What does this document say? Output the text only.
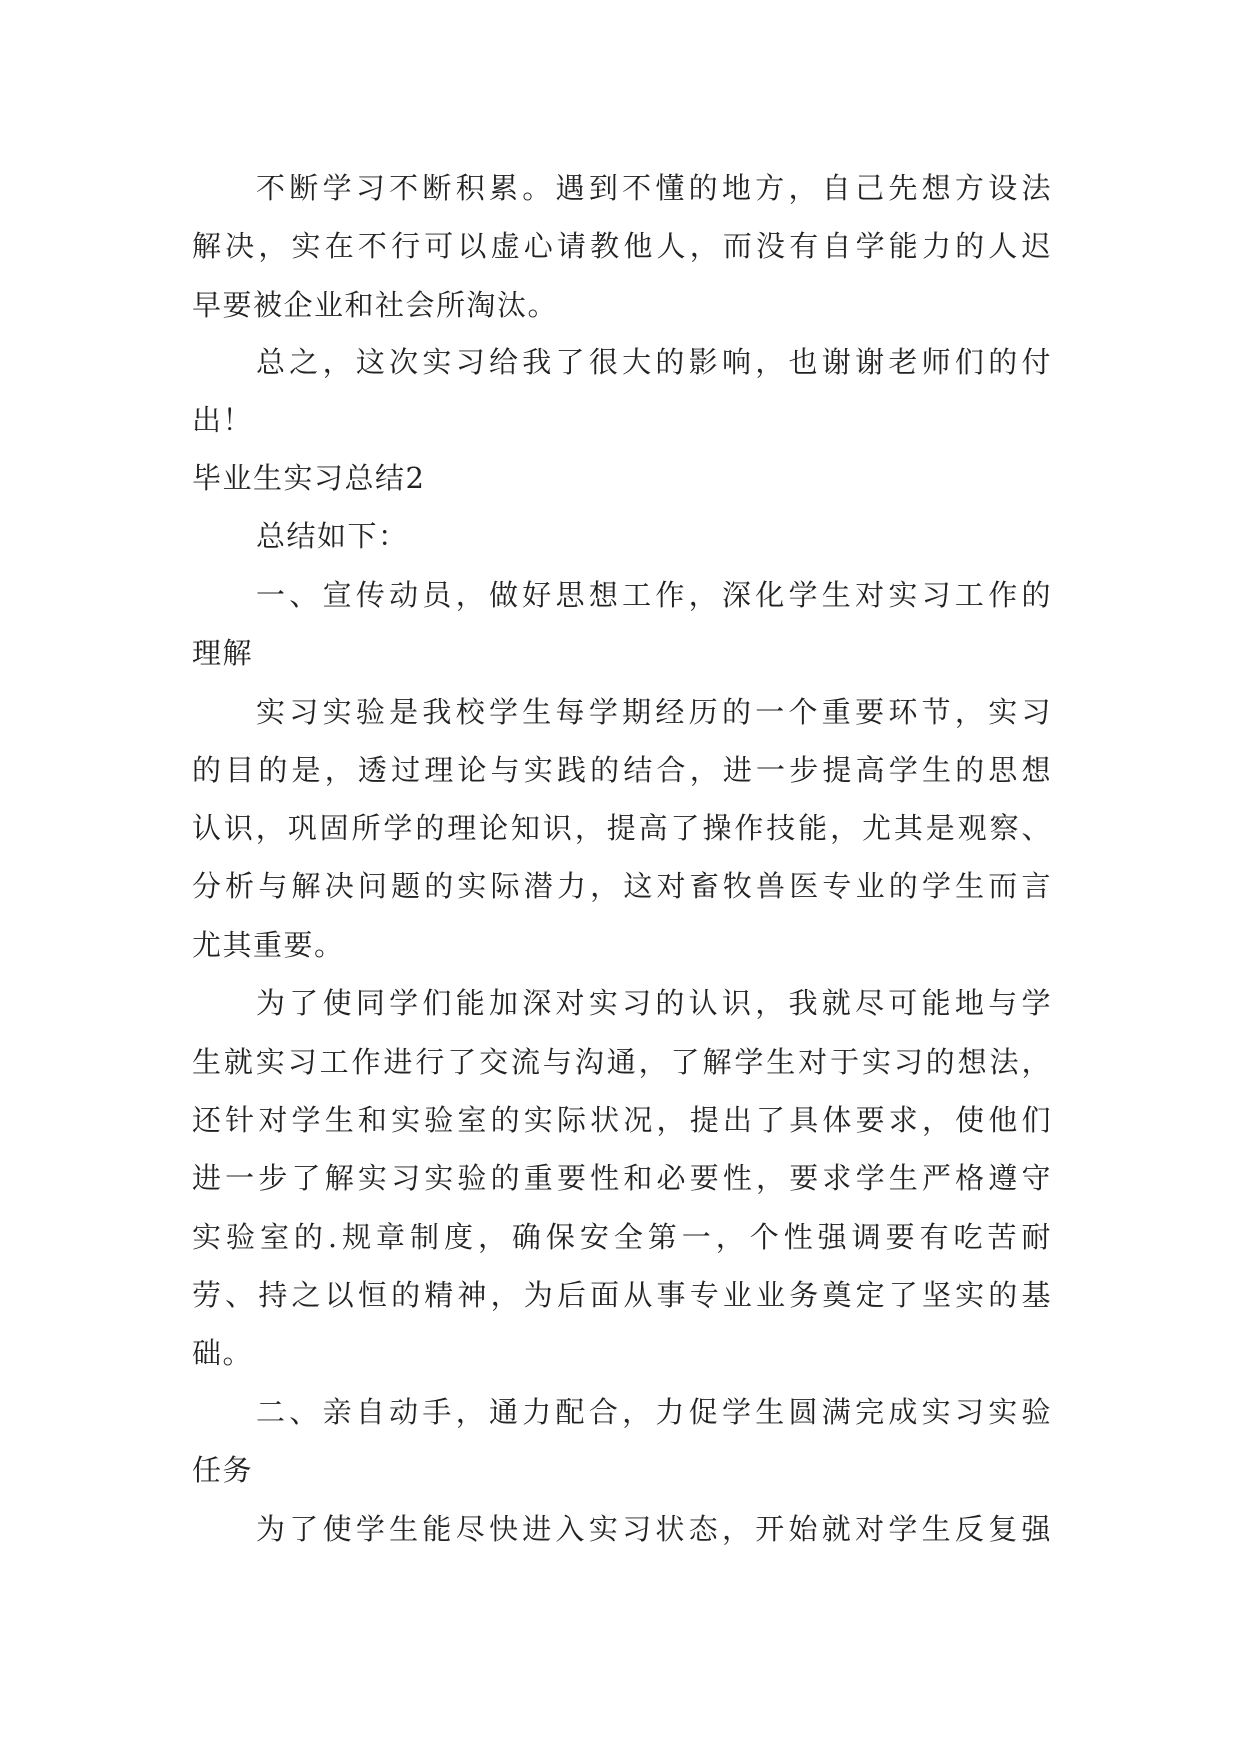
不断学习不断积累。遇到不懂的地方，自己先想方设法
解决，实在不行可以虚心请教他人，而没有自学能力的人迟
早要被企业和社会所淘汰。
总之，这次实习给我了很大的影响，也谢谢老师们的付
出！
毕业生实习总结2
总结如下：
一、宣传动员，做好思想工作，深化学生对实习工作的
理解
实习实验是我校学生每学期经历的一个重要环节，实习
的目的是，透过理论与实践的结合，进一步提高学生的思想
认识，巩固所学的理论知识，提高了操作技能，尤其是观察、
分析与解决问题的实际潜力，这对畜牧兽医专业的学生而言
尤其重要。
为了使同学们能加深对实习的认识，我就尽可能地与学
生就实习工作进行了交流与沟通，了解学生对于实习的想法，
还针对学生和实验室的实际状况，提出了具体要求，使他们
进一步了解实习实验的重要性和必要性，要求学生严格遵守
实验室的.规章制度，确保安全第一，个性强调要有吃苦耐
劳、持之以恒的精神，为后面从事专业业务奠定了坚实的基
础。
二、亲自动手，通力配合，力促学生圆满完成实习实验
任务
为了使学生能尽快进入实习状态，开始就对学生反复强
